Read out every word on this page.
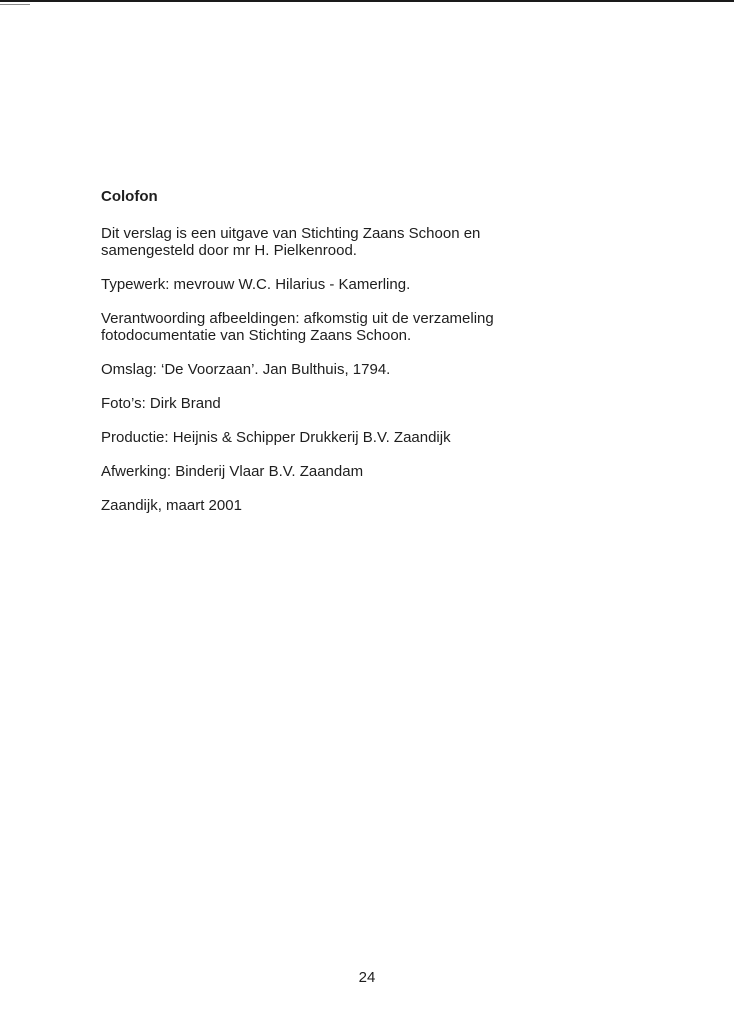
Colofon

Dit verslag is een uitgave van Stichting Zaans Schoon en
samengesteld door mr H. Pielkenrood.

Typewerk: mevrouw W.C. Hilarius - Kamerling.

Verantwoording afbeeldingen: afkomstig uit de verzameling
fotodocumentatie van Stichting Zaans Schoon.

Omslag: ‘De Voorzaan’. Jan Bulthuis, 1794.

Foto’s: Dirk Brand

Productie: Heijnis & Schipper Drukkerij B.V. Zaandijk

Afwerking: Binderij Vlaar B.V. Zaandam

Zaandijk, maart 2001

24
